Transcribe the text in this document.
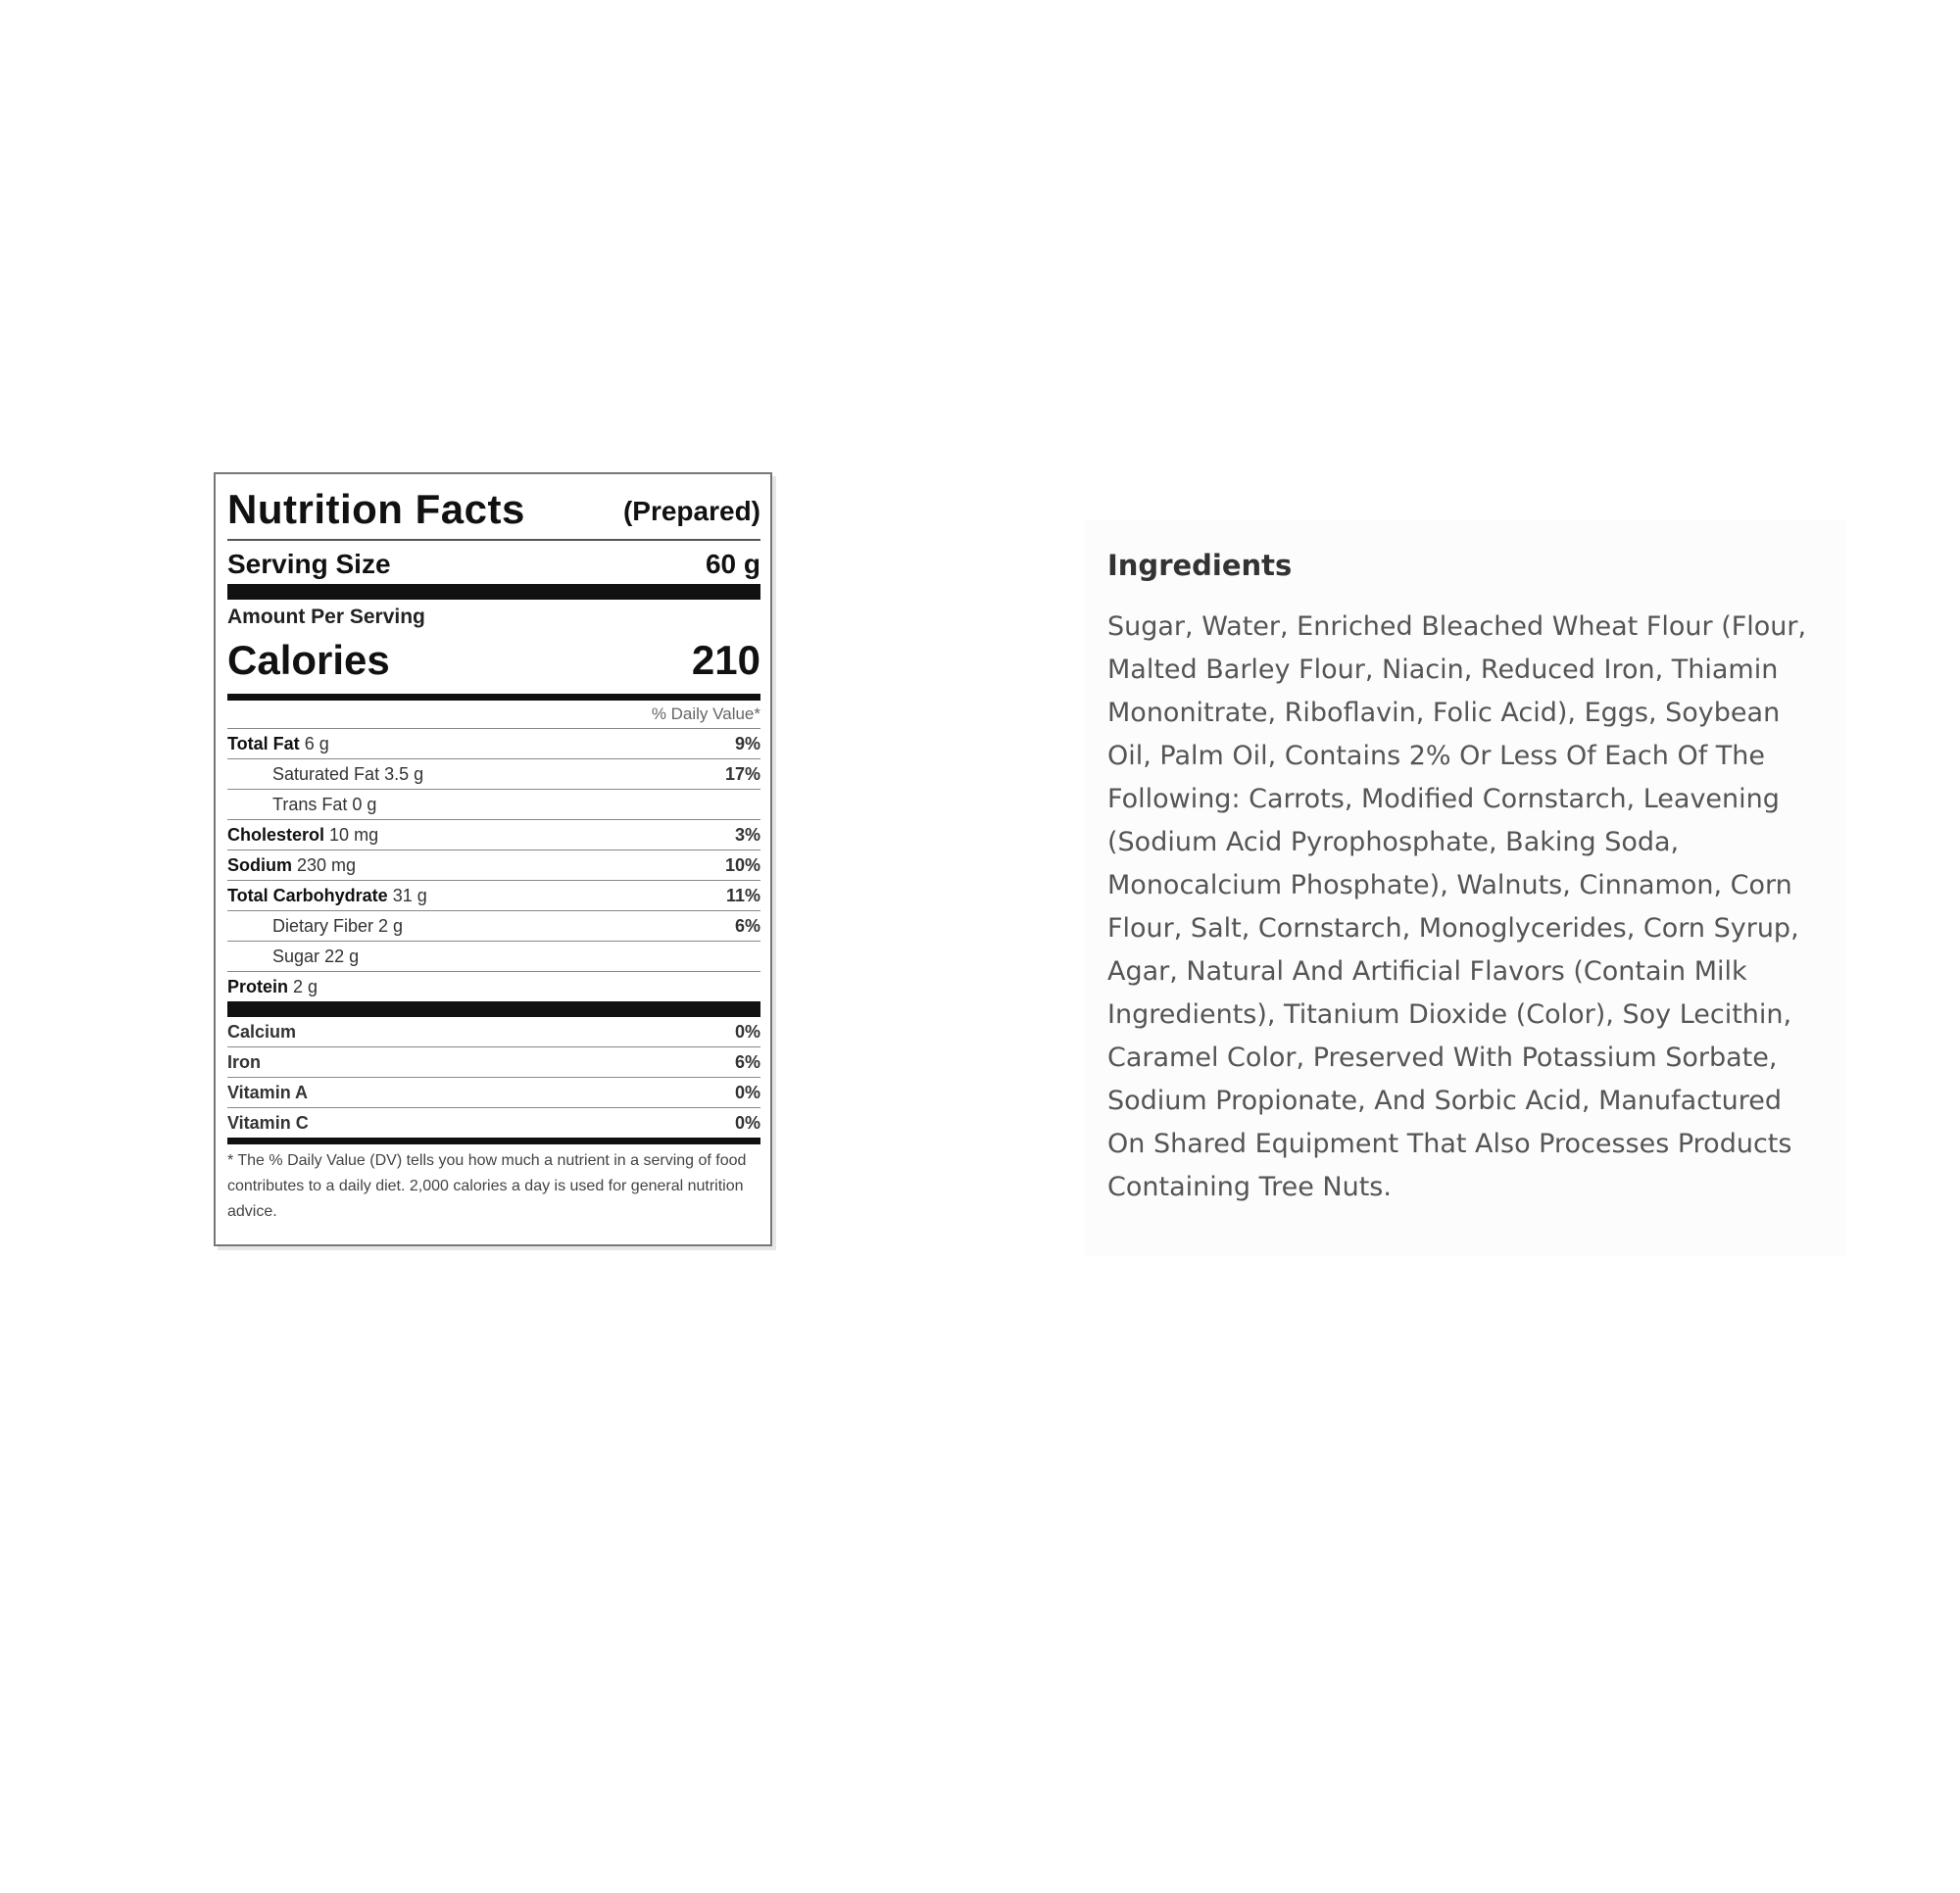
Nutrition Facts	(Prepared)
Serving Size	60 g
Amount Per Serving
Calories	210
% Daily Value*
Total Fat 6 g	9%
Saturated Fat 3.5 g	17%
Trans Fat 0 g
Cholesterol 10 mg	3%
Sodium 230 mg	10%
Total Carbohydrate 31 g	11%
Dietary Fiber 2 g	6%
Sugar 22 g
Protein 2 g
Calcium	0%
Iron	6%
Vitamin A	0%
Vitamin C	0%
* The % Daily Value (DV) tells you how much a nutrient in a serving of food contributes to a daily diet. 2,000 calories a day is used for general nutrition advice.
Ingredients
Sugar, Water, Enriched Bleached Wheat Flour (Flour, Malted Barley Flour, Niacin, Reduced Iron, Thiamin Mononitrate, Riboflavin, Folic Acid), Eggs, Soybean Oil, Palm Oil, Contains 2% Or Less Of Each Of The Following: Carrots, Modified Cornstarch, Leavening (Sodium Acid Pyrophosphate, Baking Soda, Monocalcium Phosphate), Walnuts, Cinnamon, Corn Flour, Salt, Cornstarch, Monoglycerides, Corn Syrup, Agar, Natural And Artificial Flavors (Contain Milk Ingredients), Titanium Dioxide (Color), Soy Lecithin, Caramel Color, Preserved With Potassium Sorbate, Sodium Propionate, And Sorbic Acid, Manufactured On Shared Equipment That Also Processes Products Containing Tree Nuts.
